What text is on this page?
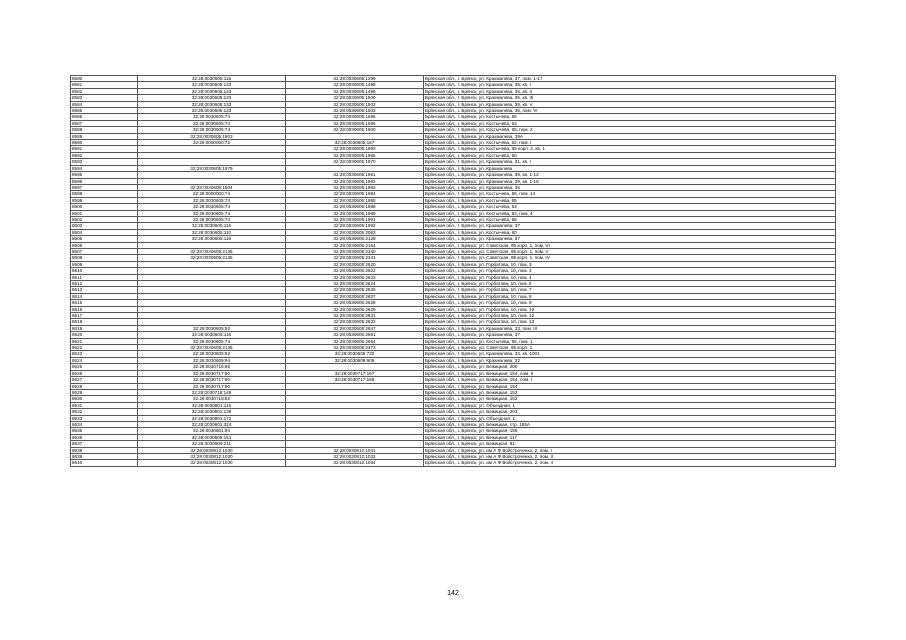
8580	32:28:0030605:116	32:28:0030605:1299	Брянская обл., г. Брянск, ул. Крахмалева, 37, пом. 1-17
8581	32:28:0030605:133	32:28:0030605:1498	Брянская обл., г. Брянск, ул. Крахмалева, 35, кв. I
8582	32:28:0030605:133	32:28:0030605:1499	Брянская обл., г. Брянск, ул. Крахмалева, 35, кв. II
8583	32:28:0030605:133	32:28:0030605:1500	Брянская обл., г. Брянск, ул. Крахмалева, 35, кв. III
8584	32:28:0030605:133	32:28:0030605:1502	Брянская обл., г. Брянск, ул. Крахмалева, 35, кв. V
8585	32:28:0030605:133	32:28:0030605:1503	Брянская обл., г. Брянск, ул. Крахмалева, 35, пом. VI
8586	32:28:0030605:74	32:28:0030605:1595	Брянская обл., г. Брянск, ул. Костычева, 65
8587	32:28:0030605:74	32:28:0030605:1596	Брянская обл., г. Брянск, ул. Костычева, 63
8588	32:28:0030605:74	32:28:0030605:1600	Брянская обл., г. Брянск, ул. Костычева, 65, пом. 2
8589	32:28:0030605:1803		Брянская обл., г. Брянск, ул. Крахмалева, 39А
8590	32:28:0000000:72	32:28:0030605:187	Брянская обл., г. Брянск, ул. Костычева, 62, пом. I
8591		32:28:0030605:1993	Брянская обл., г. Брянск, ул. Костычева, 65 корп. 2, кв. 1
8592		32:28:0030605:1966	Брянская обл., г. Брянск, ул. Костычева, 60
8593		32:28:0030605:1970	Брянская обл., г. Брянск, ул. Крахмалева, 31, кв. I
8594	32:28:0030605:1979		Брянская обл., г. Брянск, ул. Крахмалева
8595		32:28:0030605:1981	Брянская обл., г. Брянск, ул. Крахмалева, 39, кв. 1-12
8596		32:28:0030605:1982	Брянская обл., г. Брянск, ул. Крахмалева, 39, кв. 1-16
8597	32:28:0030605:1504	32:28:0030605:1983	Брянская обл., г. Брянск, ул. Крахмалева, 35
8598	32:28:0000000:74	32:28:0030605:1984	Брянская обл., г. Брянск, ул. Костычева, 65, пом. 14
8599	32:28:0030605:74	32:28:0030605:1985	Брянская обл., г. Брянск, ул. Костычева, 65
8600	32:28:0030605:74	32:28:0030605:1988	Брянская обл., г. Брянск, ул. Костычева, 63
8601	32:28:0030605:74	32:28:0030605:1989	Брянская обл., г. Брянск, ул. Костычева, 63, пом. 4
8602	32:28:0030605:74	32:28:0030605:1991	Брянская обл., г. Брянск, ул. Костычева, 65
8603	32:28:0030605:116	32:28:0030605:1992	Брянская обл., г. Брянск, ул. Крахмалева, 37
8604	32:28:0030605:110	32:28:0030605:2063	Брянская обл., г. Брянск, ул. Костычева, 60
8605	32:28:0030605:116	32:28:0030605:2128	Брянская обл., г. Брянск, ул. Крахмалева, 37
8606		32:28:0030605:2154	Брянская обл., г. Брянск, ул. Советская, 95 корп. 1, пом. VI
8607	32:28:0030605:2135	32:28:0030605:2340	Брянская обл., г. Брянск, ул. Советская, 95 корп. 1, пом. V
8608	32:28:0030605:2135	32:28:0030605:2341	Брянская обл., г. Брянск, ул. Советская, 95 корп. 1, пом. IV
8609		32:28:0030605:2620	Брянская обл., г. Брянск, ул. Горбатова, 10, пом. 3
8610		32:28:0030605:2622	Брянская обл., г. Брянск, ул. Горбатова, 10, пом. 2
8611		32:28:0030605:2623	Брянская обл., г. Брянск, ул. Горбатова, 10, пом. 4
8612		32:28:0030605:2624	Брянская обл., г. Брянск, ул. Горбатова, 10, пом. 5
8613		32:28:0030605:2626	Брянская обл., г. Брянск, ул. Горбатова, 10, пом. 7
8614		32:28:0030605:2627	Брянская обл., г. Брянск, ул. Горбатова, 10, пом. 8
8615		32:28:0030605:2628	Брянская обл., г. Брянск, ул. Горбатова, 10, пом. 9
8616		32:28:0030605:2629	Брянская обл., г. Брянск, ул. Горбатова, 10, пом. 10
8617		32:28:0030605:2631	Брянская обл., г. Брянск, ул. Горбатова, 10, пом. 12
8618		32:28:0030605:2632	Брянская обл., г. Брянск, ул. Горбатова, 10, пом. 13
8619	32:28:0030605:92	32:28:0030605:2647	Брянская обл., г. Брянск, ул. Крахмалева, 33, пом. III
8620	32:28:0030605:116	32:28:0030605:2651	Брянская обл., г. Брянск, ул. Крахмалева, 37
8621	32:28:0030605:74	32:28:0030605:2664	Брянская обл., г. Брянск, ул. Костычева, 65, пом. 1
8622	32:28:0030605:2135	32:28:0030605:2373	Брянская обл., г. Брянск, ул. Советская, 95 корп. 1
8623	32:28:0030605:92	32:28:0030605:730	Брянская обл., г. Брянск, ул. Крахмалева, 33, кв. 1001
8624	32:28:0030609:94	32:28:0030609:909	Брянская обл., г. Брянск, ул. Крахмалева, 32
8625	32:28:0030716:66		Брянская обл., г. Брянск, ул. Бежицкая, 200
8626	32:28:0030717:90	32:28:0030717:167	Брянская обл., г. Брянск, ул. Бежицкая, 154, пом. II
8627	32:28:0030717:90	32:28:0030717:168	Брянская обл., г. Брянск, ул. Бежицкая, 154, пом. I
8628	32:28:0030717:90		Брянская обл., г. Брянск, ул. Бежицкая, 154
8629	32:28:0030718:148		Брянская обл., г. Брянск, ул. Бежицкая, 152
8630	32:28:0030718:82		Брянская обл., г. Брянск, ул. Бежицкая, 152
8631	32:28:0030801:115		Брянская обл., г. Брянск, ул. Объездная, 1
8632	32:28:0030801:139		Брянская обл., г. Брянск, ул. Бежицкая, 203
8633	32:28:0030801:172		Брянская обл., г. Брянск, ул. Объездная, 1
8634	32:28:0030801:324		Брянская обл., г. Брянск, ул. Бежицкая, стр. 185А
8635	32:28:0030801:94		Брянская обл., г. Брянск, ул. Бежицкая, 185
8636	32:28:0030809:151		Брянская обл., г. Брянск, ул. Бежицкая, 117
8637	32:28:0030809:211		Брянская обл., г. Брянск, ул. Бежицкая, 81
8638	32:28:0030812:1030	32:28:0030812:1031	Брянская обл., г. Брянск, ул. им А Ф Войстроченко, 2, пом. I
8639	32:28:0030812:1030	32:28:0030812:1032	Брянская обл., г. Брянск, ул. им А Ф Войстроченко, 2, пом. II
8640	32:28:0030812:1030	32:28:0030812:1034	Брянская обл., г. Брянск, ул. им А Ф Войстроченко, 2, пом. 4
142
